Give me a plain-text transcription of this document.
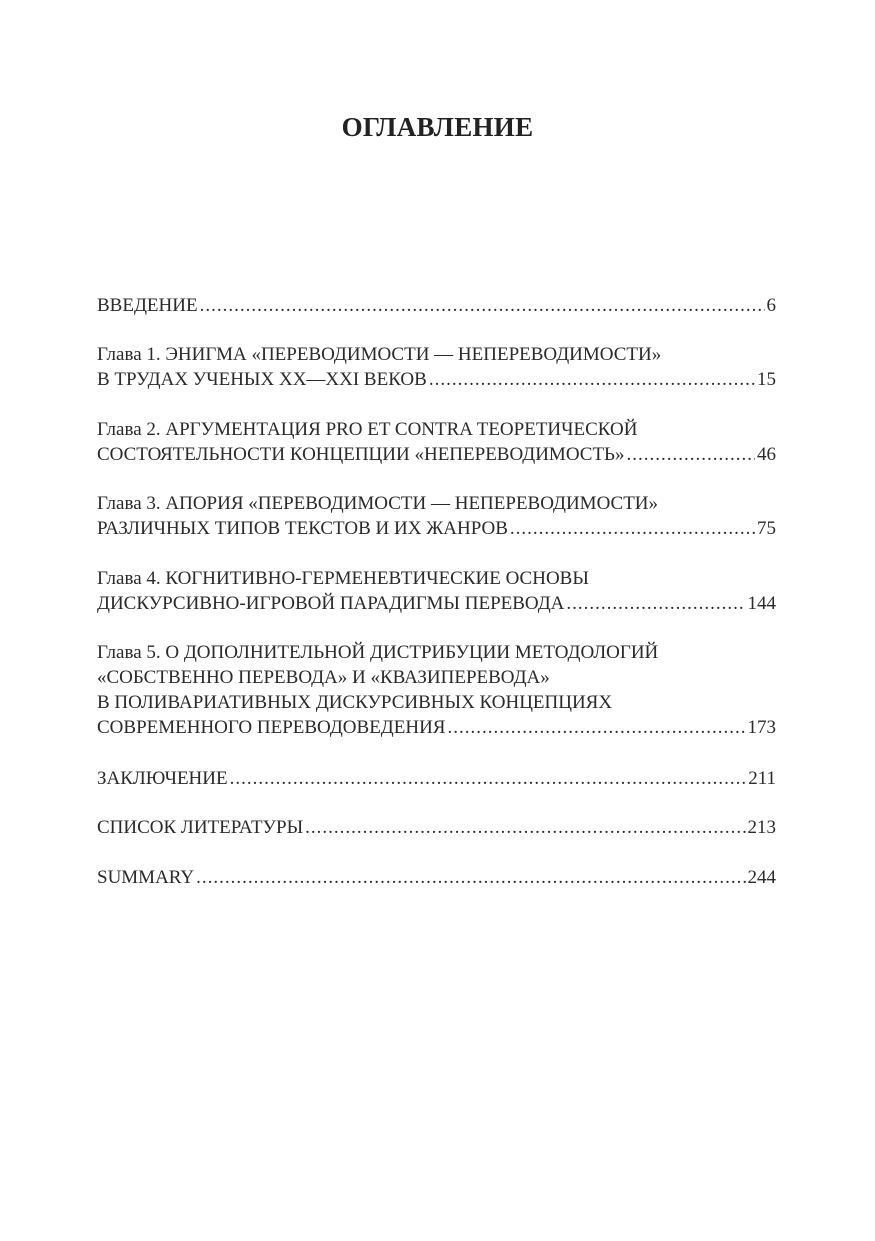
ОГЛАВЛЕНИЕ
ВВЕДЕНИЕ .....	6
Глава 1. ЭНИГМА «ПЕРЕВОДИМОСТИ — НЕПЕРЕВОДИМОСТИ»
В ТРУДАХ УЧЕНЫХ XX—XXI ВЕКОВ .....	15
Глава 2. АРГУМЕНТАЦИЯ PRO ET CONTRA ТЕОРЕТИЧЕСКОЙ
СОСТОЯТЕЛЬНОСТИ КОНЦЕПЦИИ «НЕПЕРЕВОДИМОСТЬ» .....	46
Глава 3. АПОРИЯ «ПЕРЕВОДИМОСТИ — НЕПЕРЕВОДИМОСТИ»
РАЗЛИЧНЫХ ТИПОВ ТЕКСТОВ И ИХ ЖАНРОВ .....	75
Глава 4. КОГНИТИВНО-ГЕРМЕНЕВТИЧЕСКИЕ ОСНОВЫ
ДИСКУРСИВНО-ИГРОВОЙ ПАРАДИГМЫ ПЕРЕВОДА .....	144
Глава 5. О ДОПОЛНИТЕЛЬНОЙ ДИСТРИБУЦИИ МЕТОДОЛОГИЙ
«СОБСТВЕННО ПЕРЕВОДА» И «КВАЗИПЕРЕВОДА»
В ПОЛИВАРИАТИВНЫХ ДИСКУРСИВНЫХ КОНЦЕПЦИЯХ
СОВРЕМЕННОГО ПЕРЕВОДОВЕДЕНИЯ .....	173
ЗАКЛЮЧЕНИЕ .....	211
СПИСОК ЛИТЕРАТУРЫ .....	213
SUMMARY .....	244
